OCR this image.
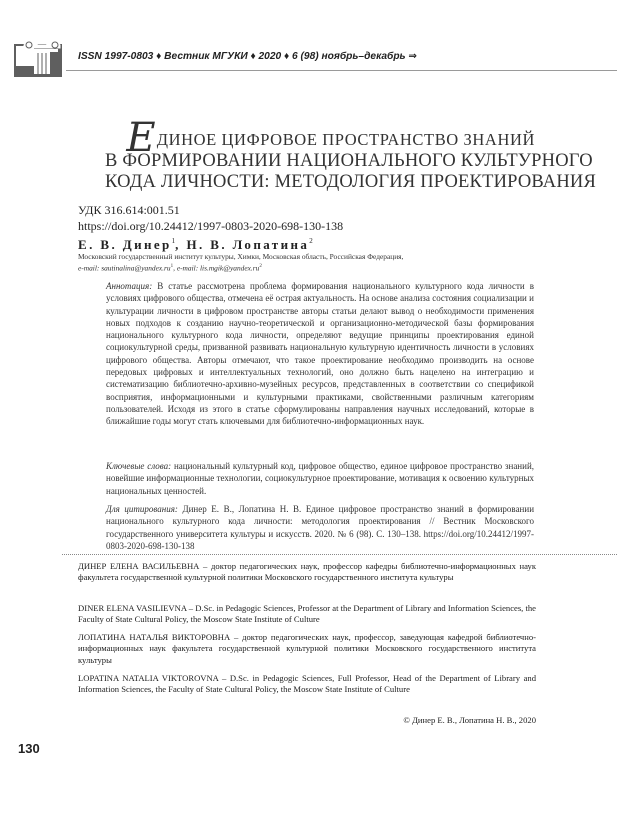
ISSN 1997-0803 ♦ Вестник МГУКИ ♦ 2020 ♦ 6 (98) ноябрь–декабрь ⇒
ЕДИНОЕ ЦИФРОВОЕ ПРОСТРАНСТВО ЗНАНИЙ
В ФОРМИРОВАНИИ НАЦИОНАЛЬНОГО КУЛЬТУРНОГО
КОДА ЛИЧНОСТИ: МЕТОДОЛОГИЯ ПРОЕКТИРОВАНИЯ
УДК 316.614:001.51
https://doi.org/10.24412/1997-0803-2020-698-130-138
Е. В. Динер$^1$, Н. В. Лопатина$^2$
Московский государственный институт культуры, Химки, Московская область, Российская Федерация,
e-mail: $sautinalina@yandex.ru^1$, e-mail: $lis.mgik@yandex.ru^2$
Аннотация: В статье рассмотрена проблема формирования национального культурного кода личности в условиях цифрового общества, отмечена её острая актуальность. На основе анализа состояния социализации и культурации личности в цифровом пространстве авторы статьи делают вывод о необходимости применения новых подходов к созданию научно-теоретической и организационно-методической базы формирования национального культурного кода личности, определяют ведущие принципы проектирования единой социокультурной среды, призванной развивать национальную культурную идентичность личности в условиях цифрового общества. Авторы отмечают, что такое проектирование необходимо производить на основе передовых цифровых и интеллектуальных технологий, оно должно быть нацелено на интеграцию и систематизацию библиотечно-архивно-музейных ресурсов, представленных в соответствии со спецификой восприятия, информационными и культурными практиками, свойственными различным категориям пользователей. Исходя из этого в статье сформулированы направления научных исследований, которые в ближайшие годы могут стать ключевыми для библиотечно-информационных наук.
Ключевые слова: национальный культурный код, цифровое общество, единое цифровое пространство знаний, новейшие информационные технологии, социокультурное проектирование, мотивация к освоению культурных национальных ценностей.
Для цитирования: Динер Е. В., Лопатина Н. В. Единое цифровое пространство знаний в формировании национального культурного кода личности: методология проектирования // Вестник Московского государственного университета культуры и искусств. 2020. № 6 (98). С. 130–138. https://doi.org/10.24412/1997-0803-2020-698-130-138
ДИНЕР ЕЛЕНА ВАСИЛЬЕВНА – доктор педагогических наук, профессор кафедры библиотечно-информационных наук факультета государственной культурной политики Московского государственного института культуры
DINER ELENA VASILIEVNA – D.Sc. in Pedagogic Sciences, Professor at the Department of Library and Information Sciences, the Faculty of State Cultural Policy, the Moscow State Institute of Culture
ЛОПАТИНА НАТАЛЬЯ ВИКТОРОВНА – доктор педагогических наук, профессор, заведующая кафедрой библиотечно-информационных наук факультета государственной культурной политики Московского государственного института культуры
LOPATINA NATALIA VIKTOROVNA – D.Sc. in Pedagogic Sciences, Full Professor, Head of the Department of Library and Information Sciences, the Faculty of State Cultural Policy, the Moscow State Institute of Culture
© Динер Е. В., Лопатина Н. В., 2020
130
